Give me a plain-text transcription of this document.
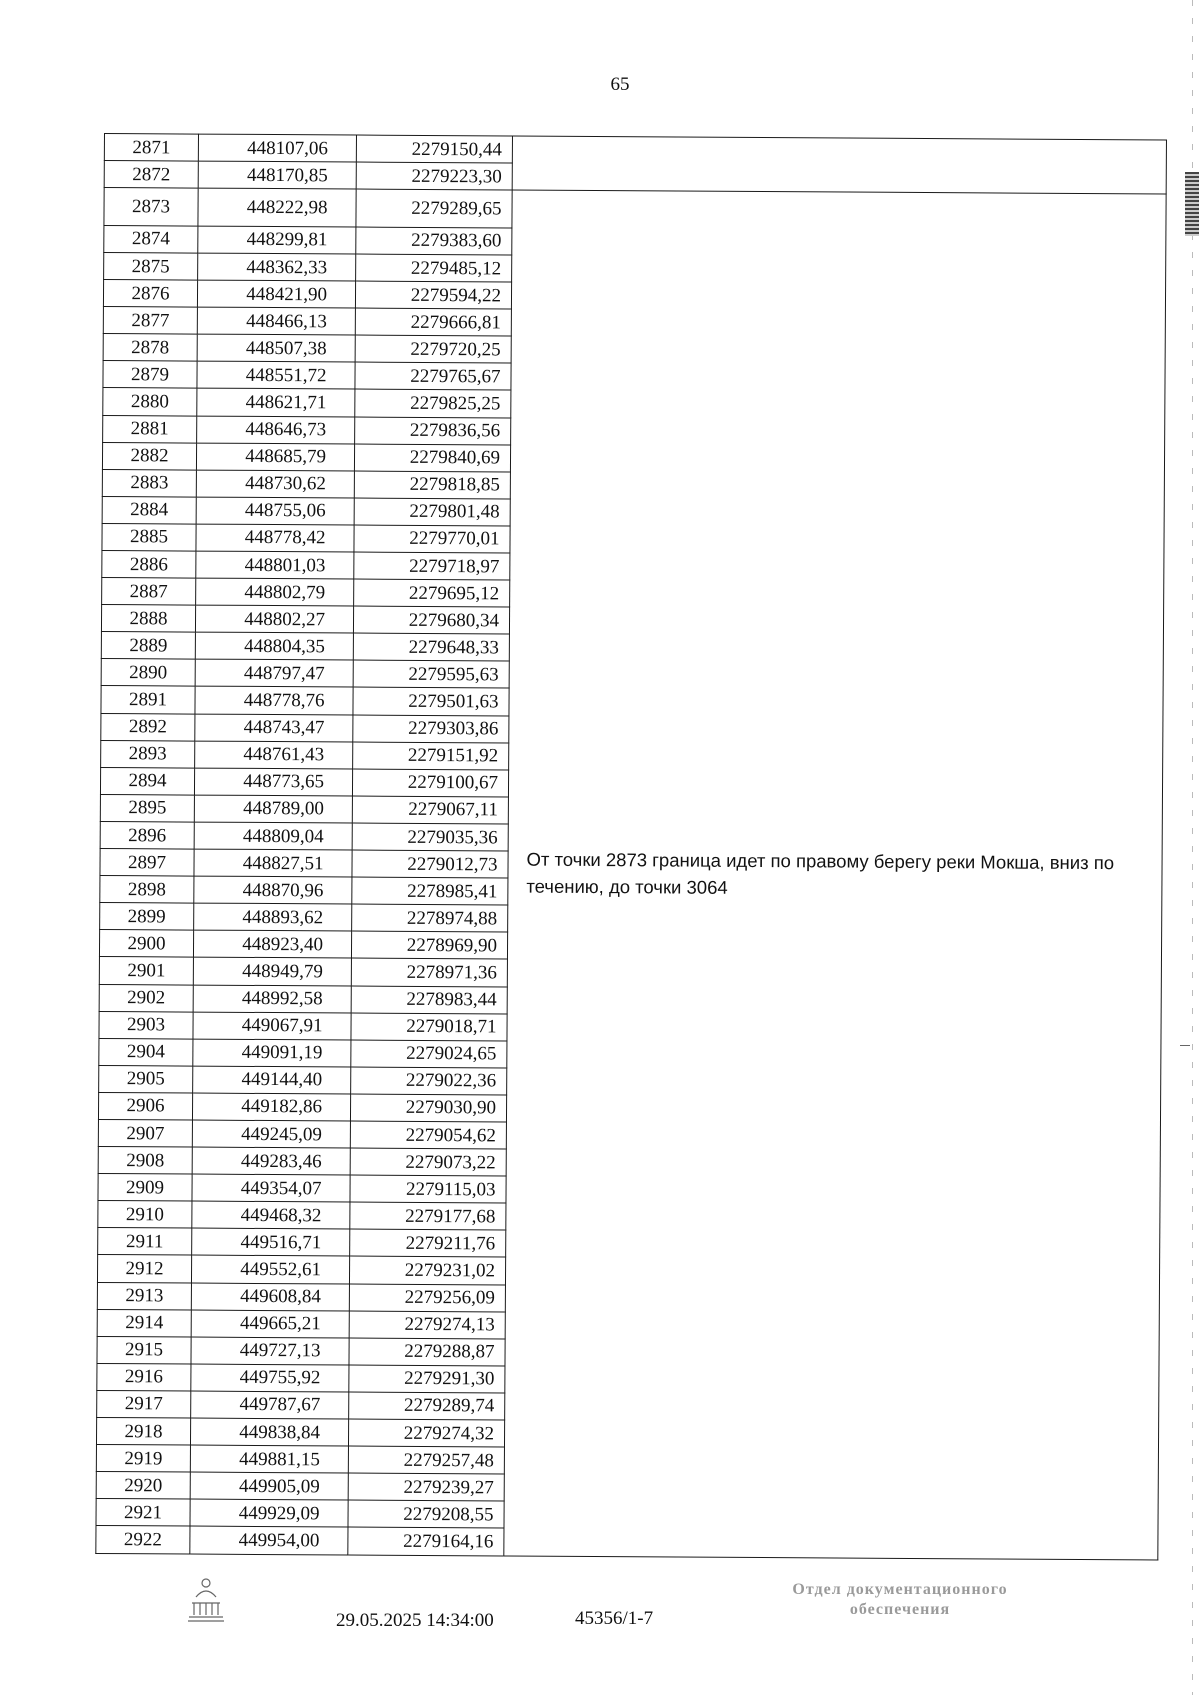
65
2871	448107,06	2279150,44	
2872	448170,85	2279223,30	
2873	448222,98	2279289,65	От точки 2873 граница идет по правому берегу реки Мокша, вниз по течению, до точки 3064

2874	448299,81	2279383,60	
2875	448362,33	2279485,12	
2876	448421,90	2279594,22	
2877	448466,13	2279666,81	
2878	448507,38	2279720,25	
2879	448551,72	2279765,67	
2880	448621,71	2279825,25	
2881	448646,73	2279836,56	
2882	448685,79	2279840,69	
2883	448730,62	2279818,85	
2884	448755,06	2279801,48	
2885	448778,42	2279770,01	
2886	448801,03	2279718,97	
2887	448802,79	2279695,12	
2888	448802,27	2279680,34	
2889	448804,35	2279648,33	
2890	448797,47	2279595,63	
2891	448778,76	2279501,63	
2892	448743,47	2279303,86	
2893	448761,43	2279151,92	
2894	448773,65	2279100,67	
2895	448789,00	2279067,11	
2896	448809,04	2279035,36	
2897	448827,51	2279012,73	
2898	448870,96	2278985,41	
2899	448893,62	2278974,88	
2900	448923,40	2278969,90	
2901	448949,79	2278971,36	
2902	448992,58	2278983,44	
2903	449067,91	2279018,71	
2904	449091,19	2279024,65	
2905	449144,40	2279022,36	
2906	449182,86	2279030,90	
2907	449245,09	2279054,62	
2908	449283,46	2279073,22	
2909	449354,07	2279115,03	
2910	449468,32	2279177,68	
2911	449516,71	2279211,76	
2912	449552,61	2279231,02	
2913	449608,84	2279256,09	
2914	449665,21	2279274,13	
2915	449727,13	2279288,87	
2916	449755,92	2279291,30	
2917	449787,67	2279289,74	
2918	449838,84	2279274,32	
2919	449881,15	2279257,48	
2920	449905,09	2279239,27	
2921	449929,09	2279208,55	
2922	449954,00	2279164,16	
29.05.2025 14:34:00	45356/1-7
Отдел документационного
обеспечения
